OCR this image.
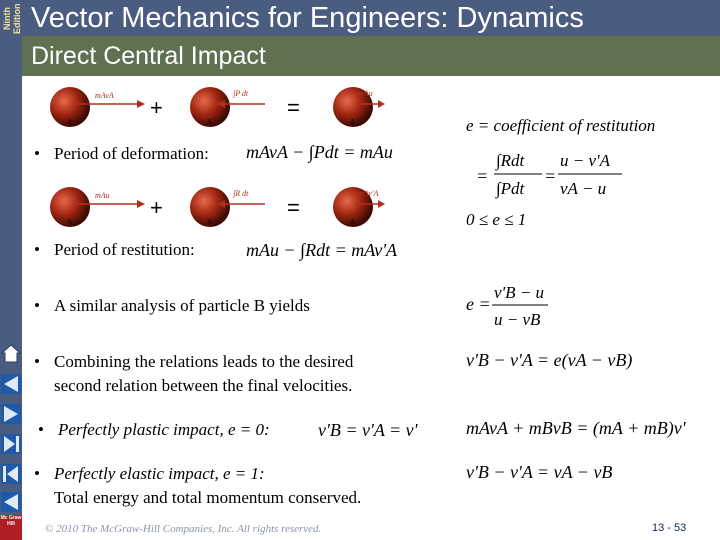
Ninth Edition Vector Mechanics for Engineers: Dynamics
Direct Central Impact
Mc Graw Hill
mAvA
A
+
∫P dt
A
=
mAu
A
mAu
A
+
∫R dt
A
=
mAv'A
A
• Period of deformation: mAvA − ∫Pdt = mAu
• Period of restitution:	mAu − ∫Rdt = mAv'A
• A similar analysis of particle B yields
• Combining the relations leads to the desired
second relation between the final velocities.
• Perfectly plastic impact, e = 0:	v'B = v'A = v'
• Perfectly elastic impact, e = 1:
Total energy and total momentum conserved.
e = coefficient of restitution
=
∫Rdt
∫Pdt
=
u − v'A
vA − u
0 ≤ e ≤ 1
e =
v'B − u
u − vB
v'B − v'A = e(vA − vB)
mAvA + mBvB = (mA + mB)v'
v'B − v'A = vA − vB
© 2010 The McGraw-Hill Companies, Inc. All rights reserved.	13 - 53
